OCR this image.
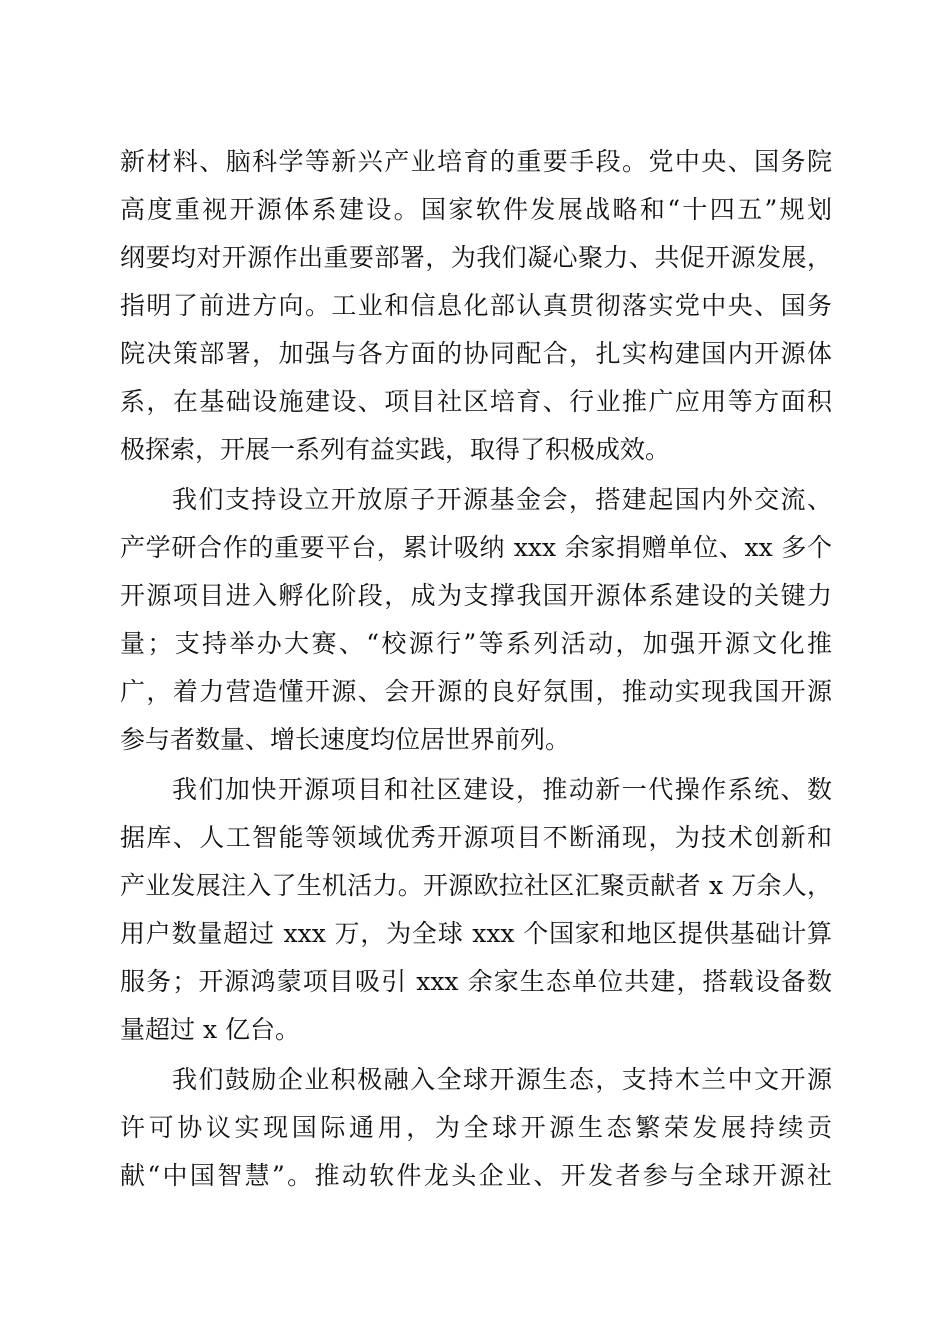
新材料、脑科学等新兴产业培育的重要手段。党中央、国务院
高度重视开源体系建设。国家软件发展战略和“十四五”规划
纲要均对开源作出重要部署，为我们凝心聚力、共促开源发展，
指明了前进方向。工业和信息化部认真贯彻落实党中央、国务
院决策部署，加强与各方面的协同配合，扎实构建国内开源体
系，在基础设施建设、项目社区培育、行业推广应用等方面积
极探索，开展一系列有益实践，取得了积极成效。
我们支持设立开放原子开源基金会，搭建起国内外交流、
产学研合作的重要平台，累计吸纳 xxx 余家捐赠单位、xx 多个
开源项目进入孵化阶段，成为支撑我国开源体系建设的关键力
量；支持举办大赛、“校源行”等系列活动，加强开源文化推
广，着力营造懂开源、会开源的良好氛围，推动实现我国开源
参与者数量、增长速度均位居世界前列。
我们加快开源项目和社区建设，推动新一代操作系统、数
据库、人工智能等领域优秀开源项目不断涌现，为技术创新和
产业发展注入了生机活力。开源欧拉社区汇聚贡献者 x 万余人，
用户数量超过 xxx 万，为全球 xxx 个国家和地区提供基础计算
服务；开源鸿蒙项目吸引 xxx 余家生态单位共建，搭载设备数
量超过 x 亿台。
我们鼓励企业积极融入全球开源生态，支持木兰中文开源
许可协议实现国际通用，为全球开源生态繁荣发展持续贡
献“中国智慧”。推动软件龙头企业、开发者参与全球开源社
